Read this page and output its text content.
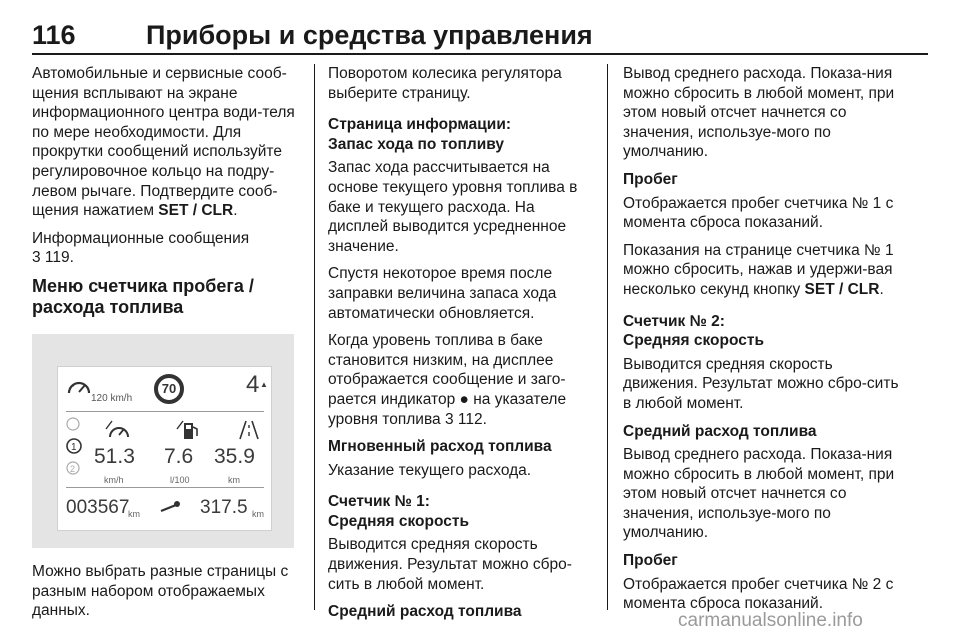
116	Приборы и средства управления

Автомобильные и сервисные сооб-щения всплывают на экране информационного центра води-теля по мере необходимости. Для прокрутки сообщений используйте регулировочное кольцо на подру-левом рычаге. Подтвердите сооб-щения нажатием SET / CLR.

Информационные сообщения
3 119.

Меню счетчика пробега / расхода топлива
120 km/h
70	4 ▲
1
2
51.3
km/h
7.6
l/100
35.9
km
003567
km	317.5 km

Можно выбрать разные страницы с разным набором отображаемых данных.

Поворотом колесика регулятора выберите страницу.

Страница информации:

Запас хода по топливу

Запас хода рассчитывается на основе текущего уровня топлива в баке и текущего расхода. На дисплей выводится усредненное значение.

Спустя некоторое время после заправки величина запаса хода автоматически обновляется.

Когда уровень топлива в баке становится низким, на дисплее отображается сообщение и заго-рается индикатор ● на указателе уровня топлива 3 112.

Мгновенный расход топлива

Указание текущего расхода.

Счетчик № 1:

Средняя скорость

Выводится средняя скорость движения. Результат можно сбро-сить в любой момент.

Средний расход топлива

Вывод среднего расхода. Показа-ния можно сбросить в любой момент, при этом новый отсчет начнется со значения, используе-мого по умолчанию.

Пробег

Отображается пробег счетчика № 1 с момента сброса показаний.

Показания на странице счетчика № 1 можно сбросить, нажав и удержи-вая несколько секунд кнопку SET / CLR.

Счетчик № 2:

Средняя скорость

Выводится средняя скорость движения. Результат можно сбро-сить в любой момент.

Средний расход топлива

Вывод среднего расхода. Показа-ния можно сбросить в любой момент, при этом новый отсчет начнется со значения, используе-мого по умолчанию.

Пробег

Отображается пробег счетчика № 2 с момента сброса показаний.

carmanualsonline.info
